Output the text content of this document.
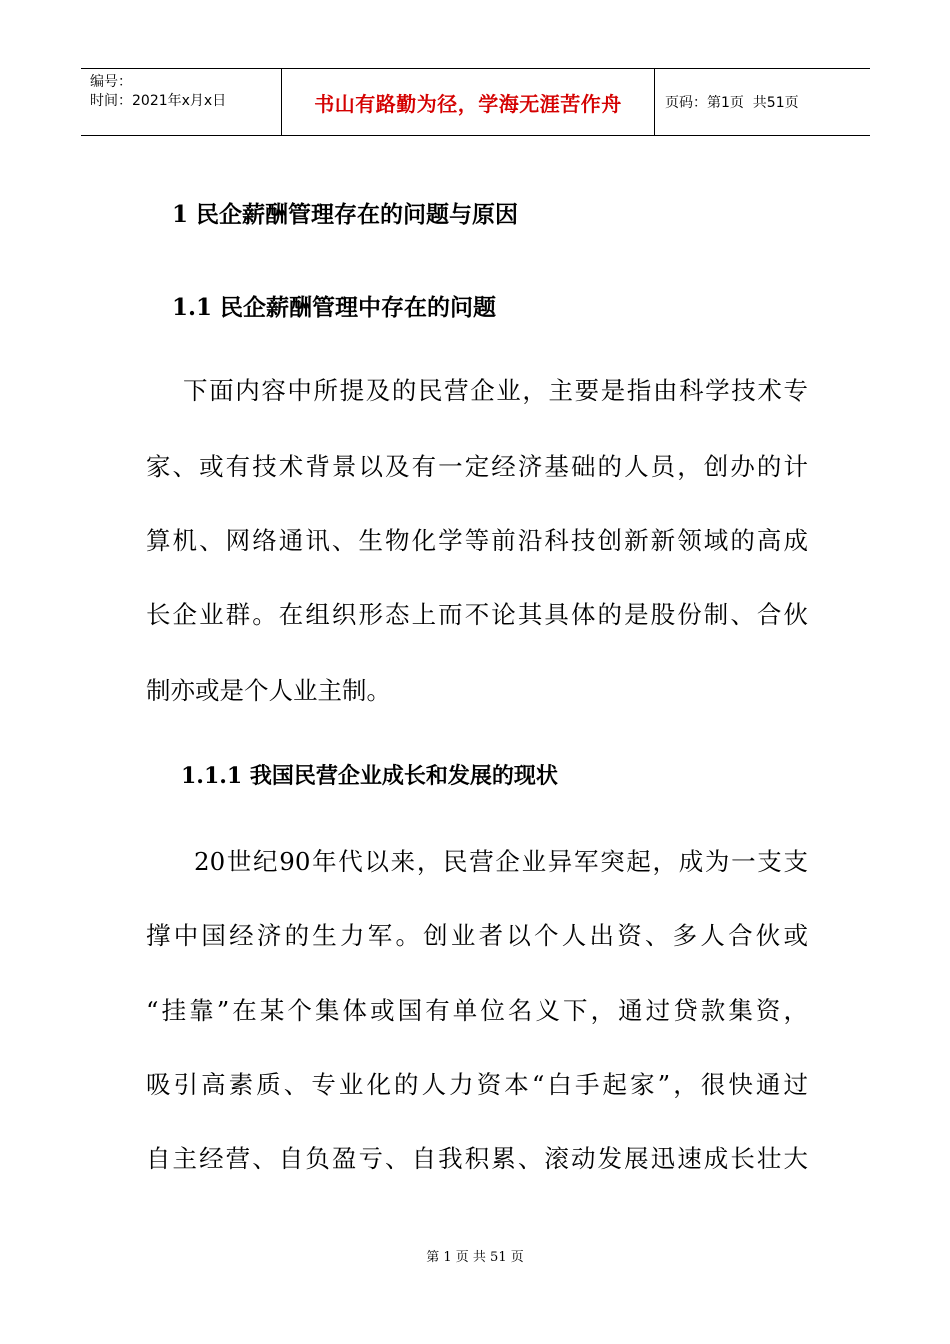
编号：
时间：2021年x月x日	书山有路勤为径，学海无涯苦作舟	页码：第1页  共51页
1 民企薪酬管理存在的问题与原因
1.1 民企薪酬管理中存在的问题
下面内容中所提及的民营企业，主要是指由科学技术专
家、或有技术背景以及有一定经济基础的人员，创办的计
算机、网络通讯、生物化学等前沿科技创新新领域的高成
长企业群。在组织形态上而不论其具体的是股份制、合伙
制亦或是个人业主制。
1.1.1 我国民营企业成长和发展的现状
20世纪90年代以来，民营企业异军突起，成为一支支
撑中国经济的生力军。创业者以个人出资、多人合伙或
“挂靠”在某个集体或国有单位名义下，通过贷款集资，
吸引高素质、专业化的人力资本“白手起家”，很快通过
自主经营、自负盈亏、自我积累、滚动发展迅速成长壮大
第 1 页 共 51 页
